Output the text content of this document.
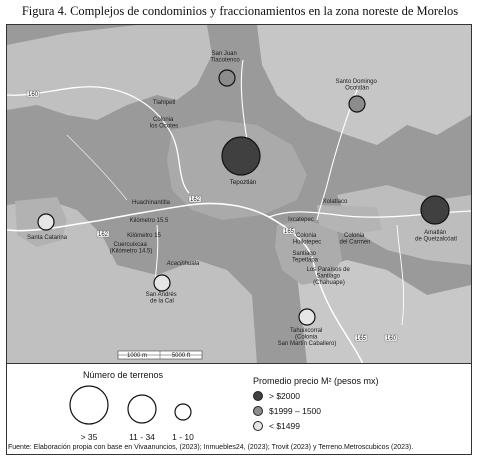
Figura 4. Complejos de condominios y fraccionamientos en la zona noreste de Morelos
160
162
162
165
160
165
San Juan Tlacotenco
Santo Domingo Ocotitlán
Tlahlpetl
Colonia los Ocotes
Tepoztlán
Huachinantitla
Kilómetro 15.5
Kilómetro 15
Cuercuixcaa (Kilómetro 14.5)
Santa Catarina
Xolatlaco
Ixcatepec
Colonia Huilotepec
Colonia del Carmen
Santiago Tepetlapa
Los Paraísos de Santiago (Chahuape)
Amatlán de Quetzalcóatl
San Andrés de la Cal
Acacinhuala
Tahuixcorral (Colonia San Martín Caballero)
1000 m	5000 ft
Número de terrenos
> 35	11 - 34	1 - 10
Promedio precio M² (pesos mx)
> $2000
$1999 – 1500
< $1499
Fuente: Elaboración propia con base en Vivaanuncios, (2023); Inmuebles24, (2023); Trovit (2023) y Terreno.Metroscubicos (2023).
